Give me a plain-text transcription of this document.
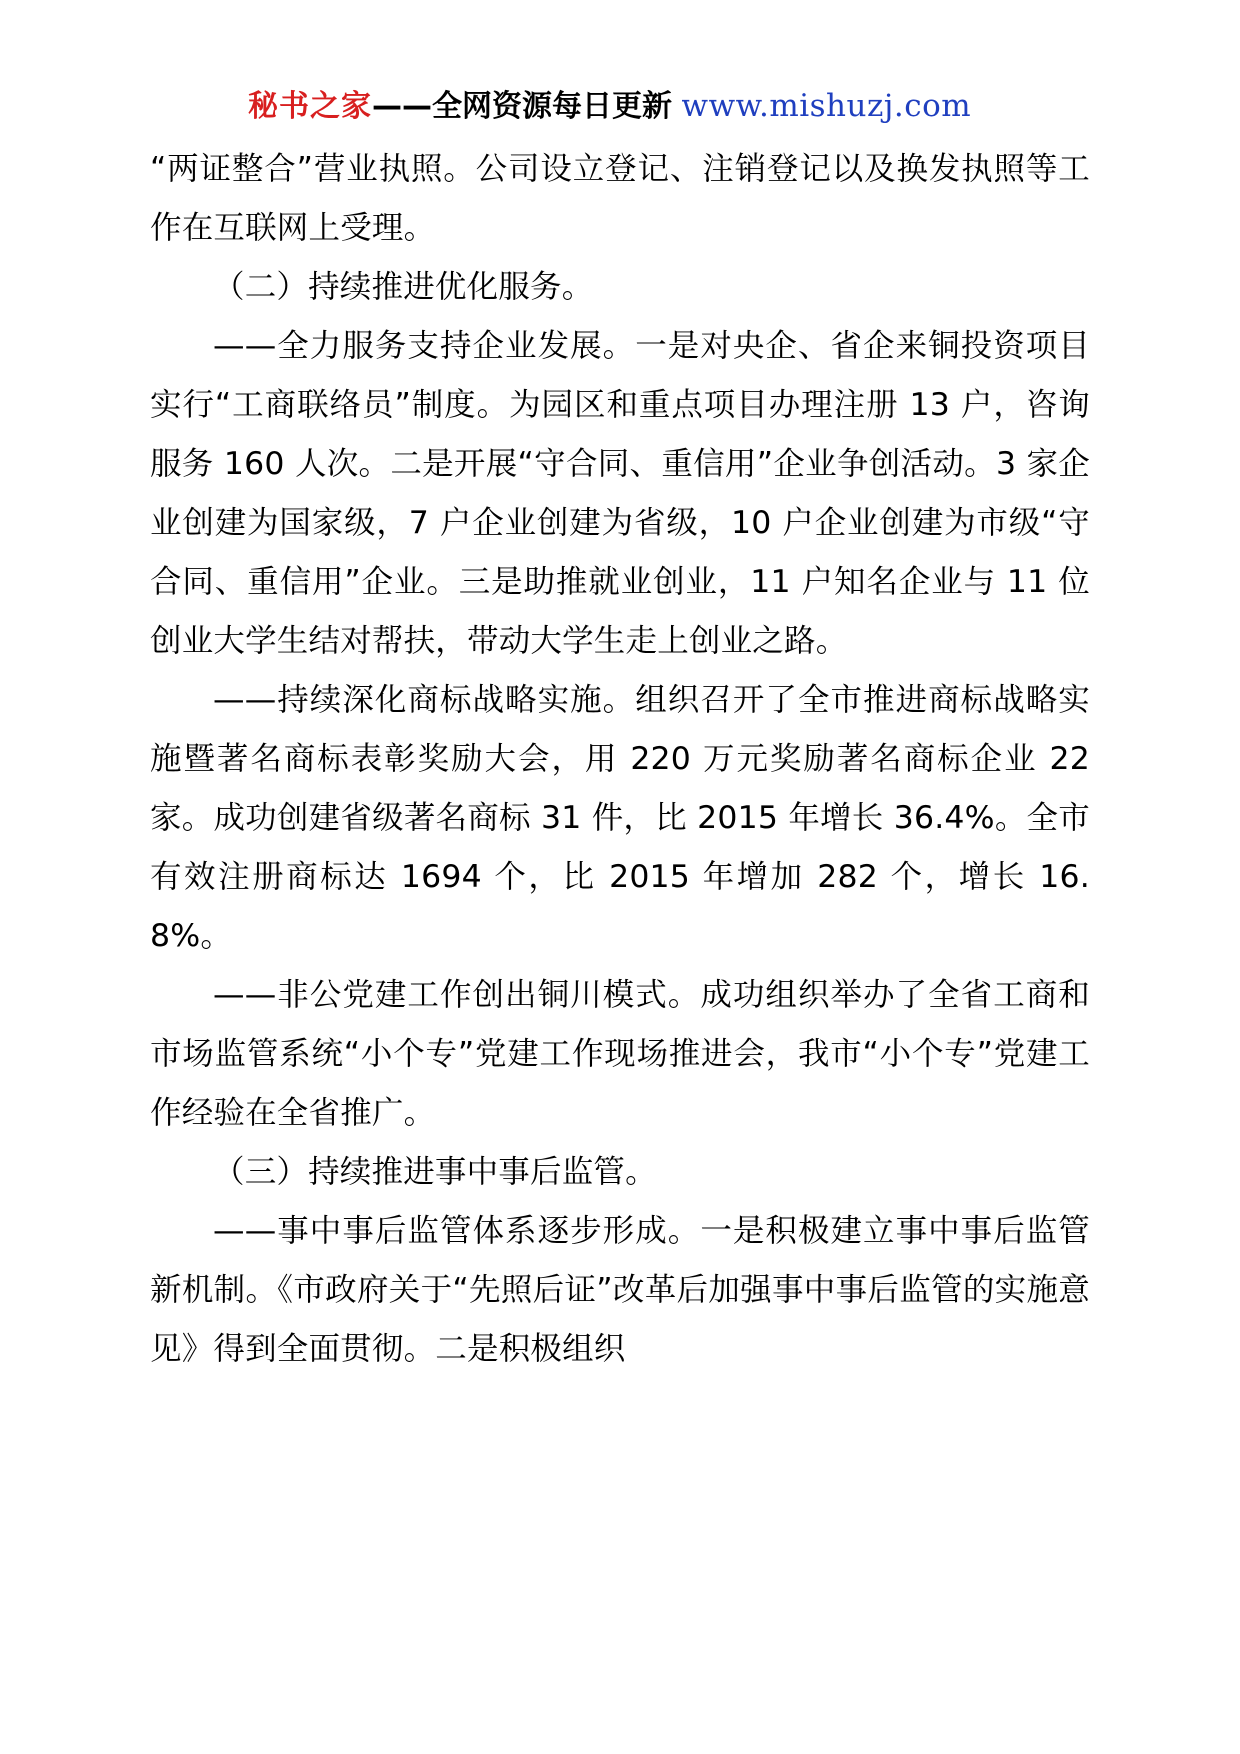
秘书之家——全网资源每日更新 www.mishuzj.com

“两证整合”营业执照。公司设立登记、注销登记以及换发执照等工作在互联网上受理。

（二）持续推进优化服务。

——全力服务支持企业发展。一是对央企、省企来铜投资项目实行“工商联络员”制度。为园区和重点项目办理注册 13 户，咨询服务 160 人次。二是开展“守合同、重信用”企业争创活动。3 家企业创建为国家级，7 户企业创建为省级，10 户企业创建为市级“守合同、重信用”企业。三是助推就业创业，11 户知名企业与 11 位创业大学生结对帮扶，带动大学生走上创业之路。

——持续深化商标战略实施。组织召开了全市推进商标战略实施暨著名商标表彰奖励大会，用 220 万元奖励著名商标企业 22 家。成功创建省级著名商标 31 件，比 2015 年增长 36.4%。全市有效注册商标达 1694 个，比 2015 年增加 282 个，增长 16.8%。

——非公党建工作创出铜川模式。成功组织举办了全省工商和市场监管系统“小个专”党建工作现场推进会，我市“小个专”党建工作经验在全省推广。

（三）持续推进事中事后监管。

——事中事后监管体系逐步形成。一是积极建立事中事后监管新机制。《市政府关于“先照后证”改革后加强事中事后监管的实施意见》得到全面贯彻。二是积极组织
